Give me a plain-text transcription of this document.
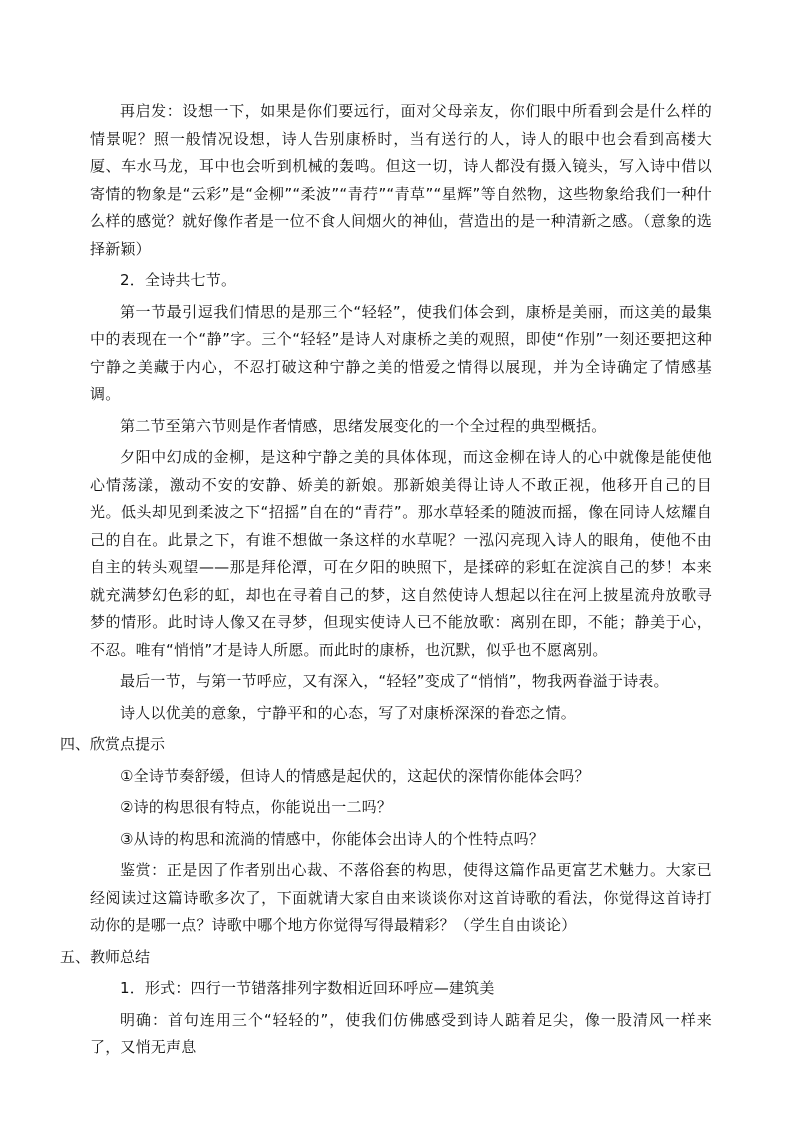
再启发：设想一下，如果是你们要远行，面对父母亲友，你们眼中所看到会是什么样的情景呢？照一般情况设想，诗人告别康桥时，当有送行的人，诗人的眼中也会看到高楼大厦、车水马龙，耳中也会听到机械的轰鸣。但这一切，诗人都没有摄入镜头，写入诗中借以寄情的物象是“云彩”是“金柳”“柔波”“青荇”“青草”“星辉”等自然物，这些物象给我们一种什么样的感觉？就好像作者是一位不食人间烟火的神仙，营造出的是一种清新之感。（意象的选择新颖）

2．全诗共七节。

第一节最引逗我们情思的是那三个“轻轻”，使我们体会到，康桥是美丽，而这美的最集中的表现在一个“静”字。三个“轻轻”是诗人对康桥之美的观照，即使“作别”一刻还要把这种宁静之美藏于内心，不忍打破这种宁静之美的惜爱之情得以展现，并为全诗确定了情感基调。

第二节至第六节则是作者情感，思绪发展变化的一个全过程的典型概括。

夕阳中幻成的金柳，是这种宁静之美的具体体现，而这金柳在诗人的心中就像是能使他心情荡漾，激动不安的安静、娇美的新娘。那新娘美得让诗人不敢正视，他移开自己的目光。低头却见到柔波之下“招摇”自在的“青荇”。那水草轻柔的随波而摇，像在同诗人炫耀自己的自在。此景之下，有谁不想做一条这样的水草呢？一泓闪亮现入诗人的眼角，使他不由自主的转头观望——那是拜伦潭，可在夕阳的映照下，是揉碎的彩虹在淀滨自己的梦！本来就充满梦幻色彩的虹，却也在寻着自己的梦，这自然使诗人想起以往在河上披星流舟放歌寻梦的情形。此时诗人像又在寻梦，但现实使诗人已不能放歌：离别在即，不能；静美于心，不忍。唯有“悄悄”才是诗人所愿。而此时的康桥，也沉默，似乎也不愿离别。

最后一节，与第一节呼应，又有深入，“轻轻”变成了“悄悄”，物我两眷溢于诗表。

诗人以优美的意象，宁静平和的心态，写了对康桥深深的眷恋之情。

四、欣赏点提示

①全诗节奏舒缓，但诗人的情感是起伏的，这起伏的深情你能体会吗？

②诗的构思很有特点，你能说出一二吗？

③从诗的构思和流淌的情感中，你能体会出诗人的个性特点吗？

鉴赏：正是因了作者别出心裁、不落俗套的构思，使得这篇作品更富艺术魅力。大家已经阅读过这篇诗歌多次了，下面就请大家自由来谈谈你对这首诗歌的看法，你觉得这首诗打动你的是哪一点？诗歌中哪个地方你觉得写得最精彩？（学生自由谈论）

五、教师总结

1．形式：四行一节错落排列字数相近回环呼应—建筑美

明确：首句连用三个“轻轻的”，使我们仿佛感受到诗人踮着足尖，像一股清风一样来了，又悄无声息
